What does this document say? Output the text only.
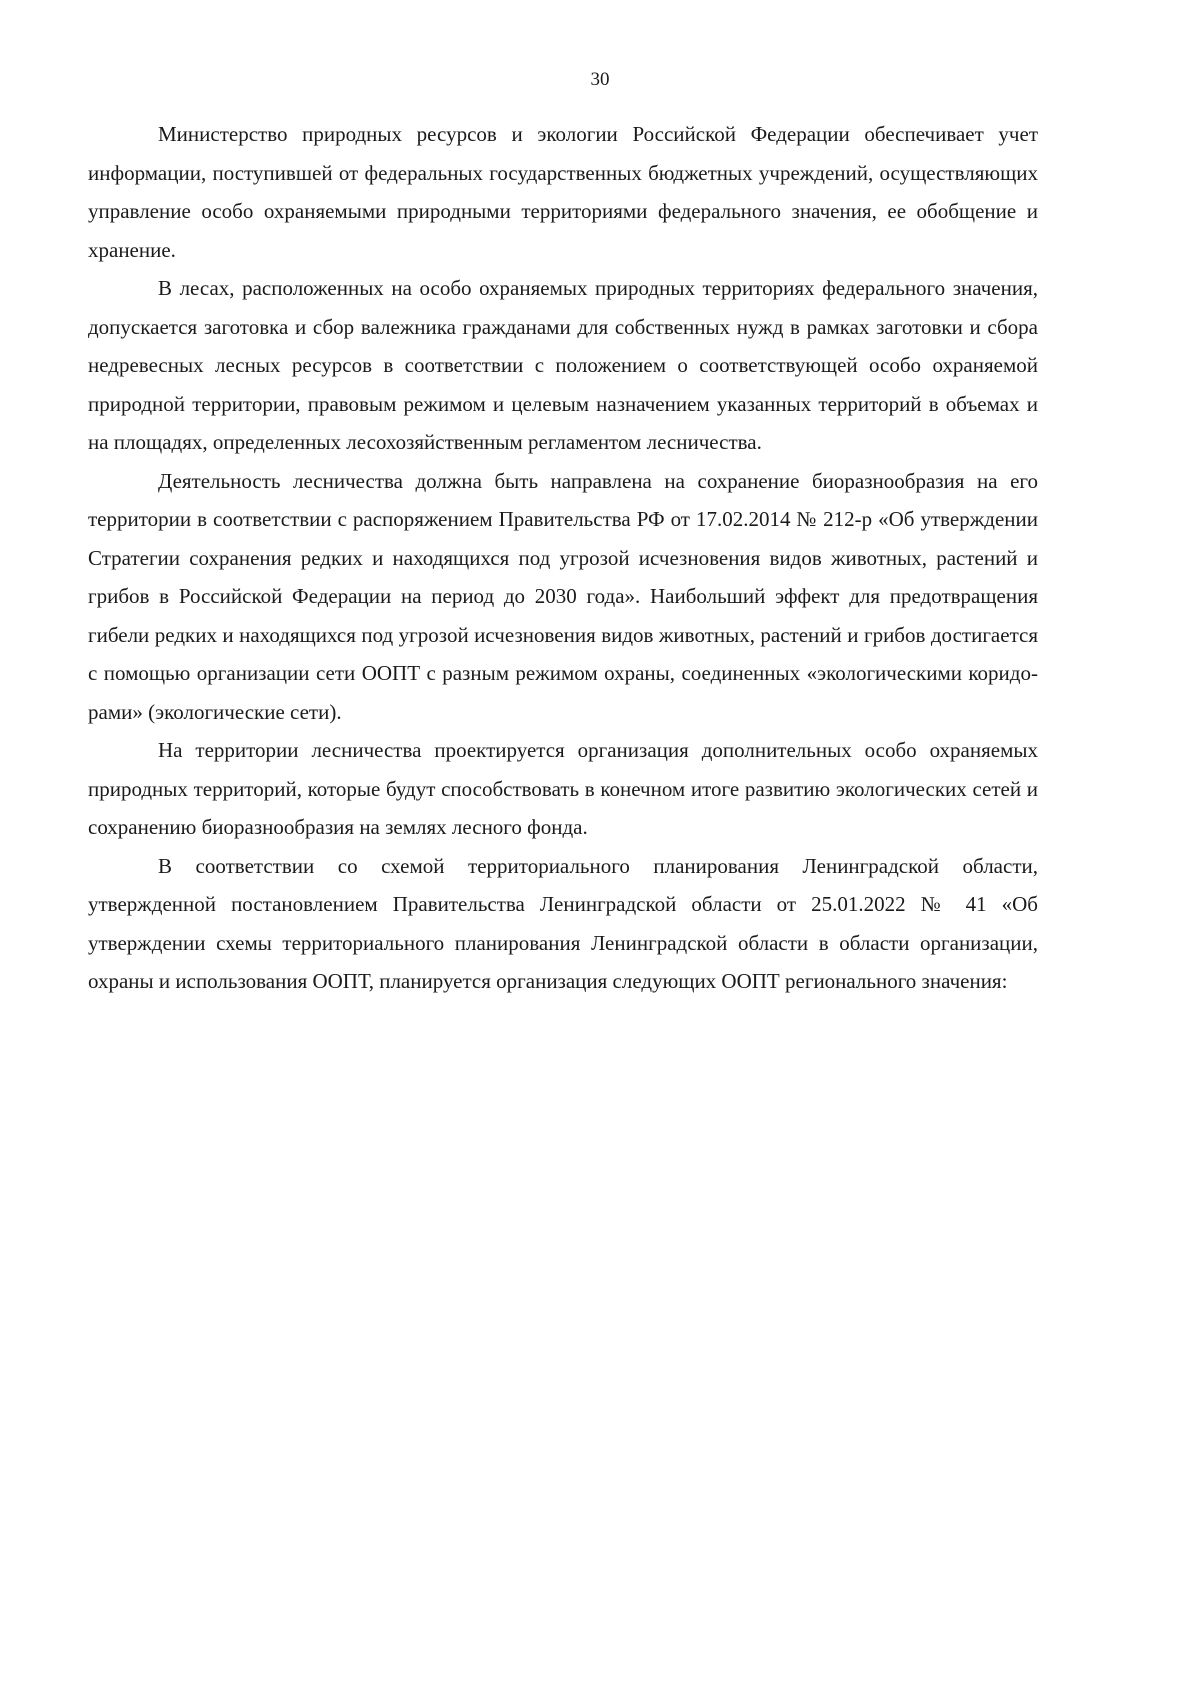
30

Министерство природных ресурсов и экологии Российской Федерации обеспечивает учет информации, поступившей от федеральных государственных бюджетных учреждений, осуществляющих управление особо охраняемыми природными территориями федерального значения, ее обобщение и хранение.

В лесах, расположенных на особо охраняемых природных территориях федерального значения, допускается заготовка и сбор валежника гражданами для собственных нужд в рамках заготовки и сбора недревесных лесных ресурсов в соответствии с положением о соответствующей особо охраняемой природной территории, правовым режимом и целевым назначением указанных территорий в объемах и на площадях, определенных лесохозяйственным регламентом лесничества.

Деятельность лесничества должна быть направлена на сохранение биоразнообразия на его территории в соответствии с распоряжением Правительства РФ от 17.02.2014 № 212-р «Об утверждении Стратегии сохранения редких и находящихся под угрозой исчезновения видов животных, растений и грибов в Российской Федерации на период до 2030 года». Наибольший эффект для предотвращения гибели редких и находящихся под угрозой исчезновения видов животных, растений и грибов достигается с помощью организации сети ООПТ с разным режимом охраны, соединенных «экологическими коридорами» (экологические сети).

На территории лесничества проектируется организация дополнительных особо охраняемых природных территорий, которые будут способствовать в конечном итоге развитию экологических сетей и сохранению биоразнообразия на землях лесного фонда.

В соответствии со схемой территориального планирования Ленинградской области, утвержденной постановлением Правительства Ленинградской области от 25.01.2022 № 41 «Об утверждении схемы территориального планирования Ленинградской области в области организации, охраны и использования ООПТ, планируется организация следующих ООПТ регионального значения:
